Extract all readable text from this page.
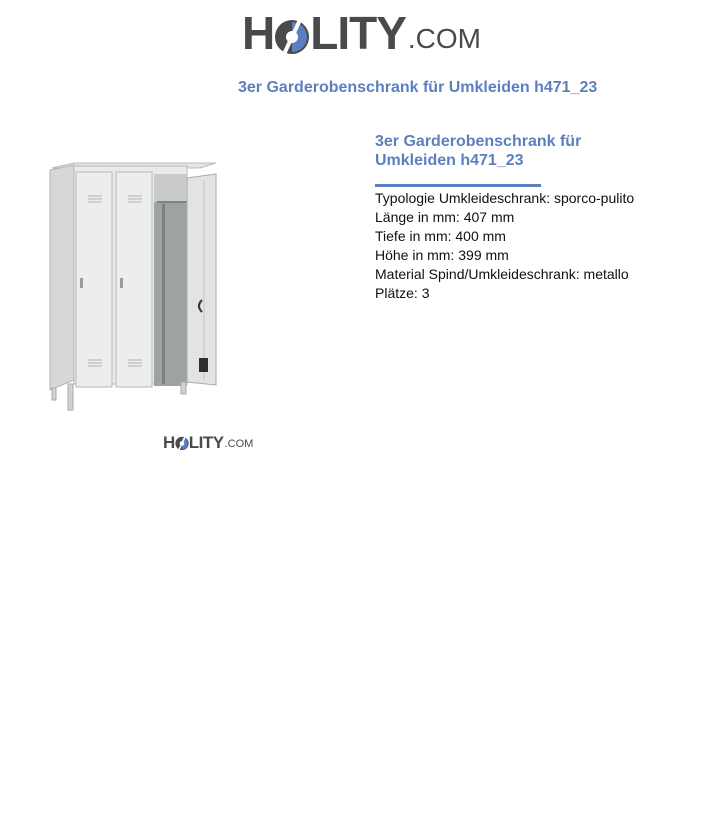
H LITY .COM
3er Garderobenschrank für Umkleiden h471_23
H LITY .COM
3er Garderobenschrank für
Umkleiden h471_23
Typologie Umkleideschrank: sporco-pulito
Länge in mm: 407 mm
Tiefe in mm: 400 mm
Höhe in mm: 399 mm
Material Spind/Umkleideschrank: metallo
Plätze: 3
